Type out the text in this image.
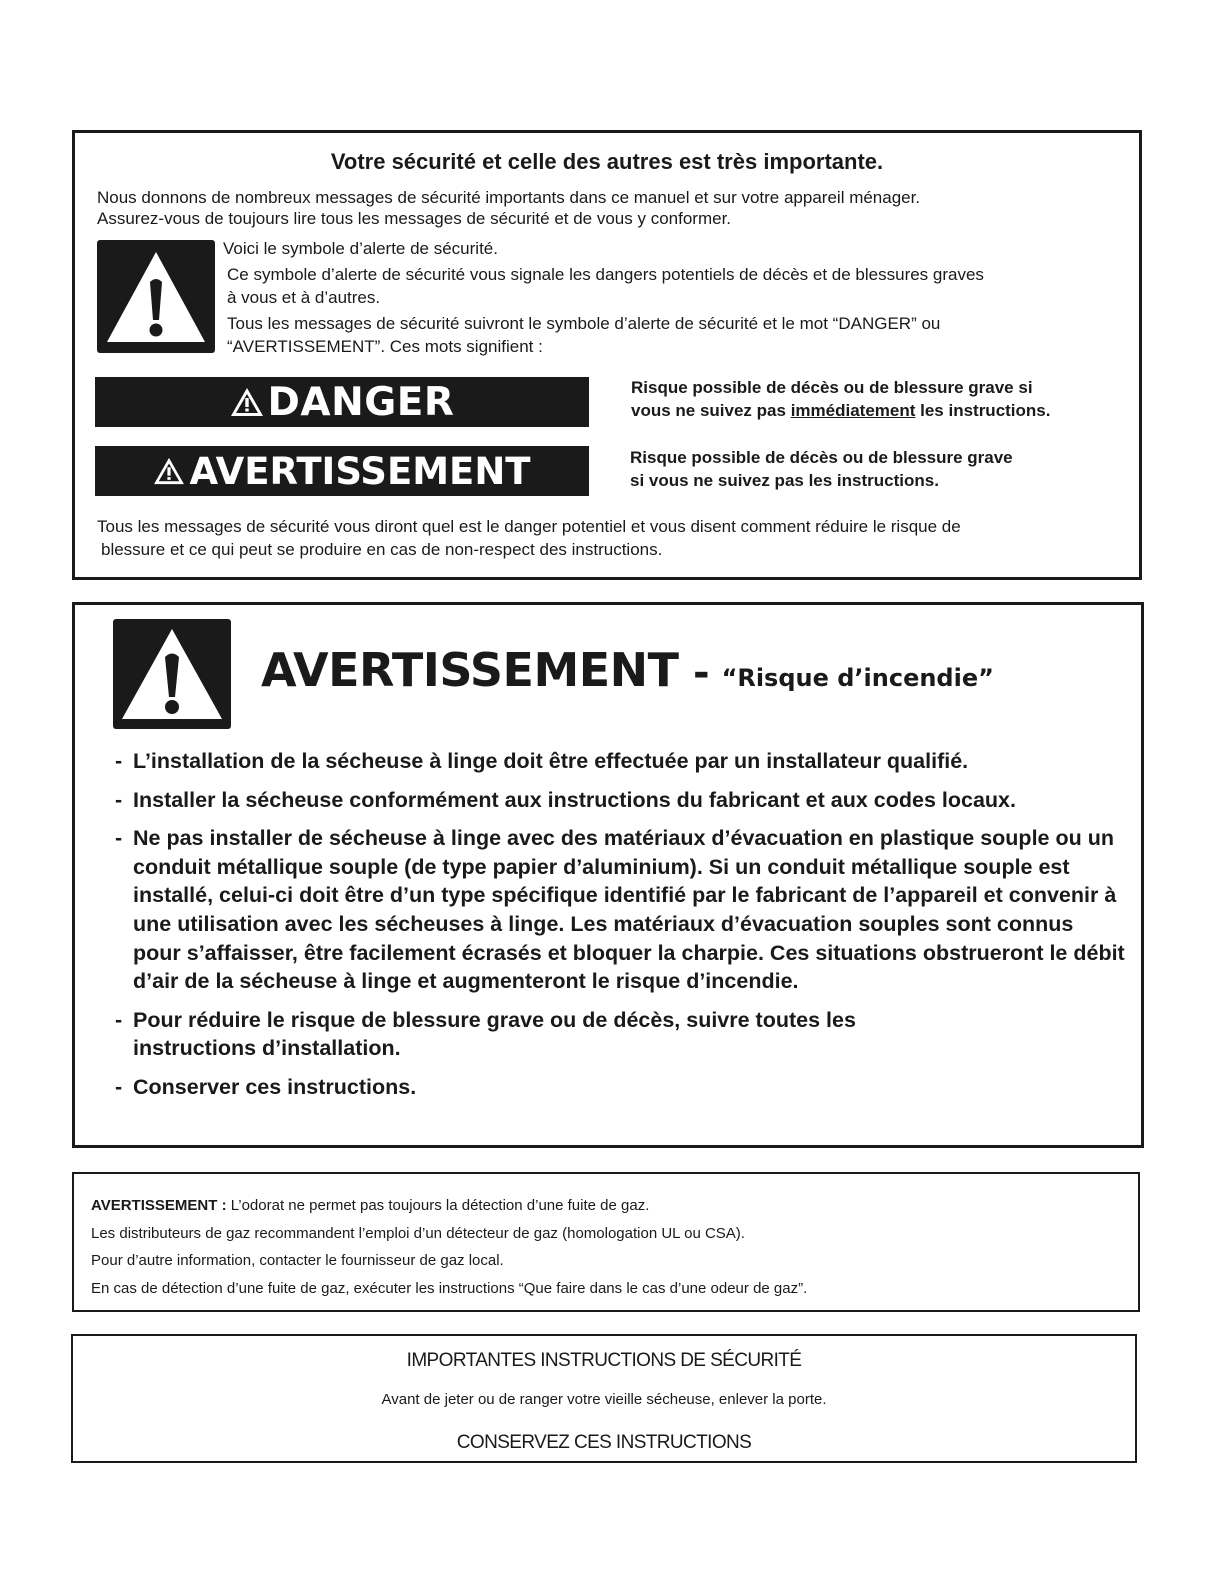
Votre sécurité et celle des autres est très importante.
Nous donnons de nombreux messages de sécurité importants dans ce manuel et sur votre appareil ménager.
Assurez-vous de toujours lire tous les messages de sécurité et de vous y conformer.

Voici le symbole d’alerte de sécurité.

Ce symbole d’alerte de sécurité vous signale les dangers potentiels de décès et de blessures graves
à vous et à d’autres.

Tous les messages de sécurité suivront le symbole d’alerte de sécurité et le mot “DANGER” ou
“AVERTISSEMENT”. Ces mots signifient :

DANGER	Risque possible de décès ou de blessure grave si
vous ne suivez pas immédiatement les instructions.
AVERTISSEMENT	Risque possible de décès ou de blessure grave
si vous ne suivez pas les instructions.
Tous les messages de sécurité vous diront quel est le danger potentiel et vous disent comment réduire le risque de
blessure et ce qui peut se produire en cas de non-respect des instructions.
AVERTISSEMENT - “Risque d’incendie”
- L’installation de la sécheuse à linge doit être effectuée par un installateur qualifié.
- Installer la sécheuse conformément aux instructions du fabricant et aux codes locaux.
- Ne pas installer de sécheuse à linge avec des matériaux d’évacuation en plastique souple ou un conduit métallique souple (de type papier d’aluminium). Si un conduit métallique souple est installé, celui-ci doit être d’un type spécifique identifié par le fabricant de l’appareil et convenir à une utilisation avec les sécheuses à linge. Les matériaux d’évacuation souples sont connus pour s’affaisser, être facilement écrasés et bloquer la charpie. Ces situations obstrueront le débit d’air de la sécheuse à linge et augmenteront le risque d’incendie.
- Pour réduire le risque de blessure grave ou de décès, suivre toutes les instructions d’installation.
- Conserver ces instructions.
AVERTISSEMENT : L’odorat ne permet pas toujours la détection d’une fuite de gaz.
Les distributeurs de gaz recommandent l’emploi d’un détecteur de gaz (homologation UL ou CSA).
Pour d’autre information, contacter le fournisseur de gaz local.
En cas de détection d’une fuite de gaz, exécuter les instructions “Que faire dans le cas d’une odeur de gaz”.
IMPORTANTES INSTRUCTIONS DE SÉCURITÉ
Avant de jeter ou de ranger votre vieille sécheuse, enlever la porte.
CONSERVEZ CES INSTRUCTIONS
